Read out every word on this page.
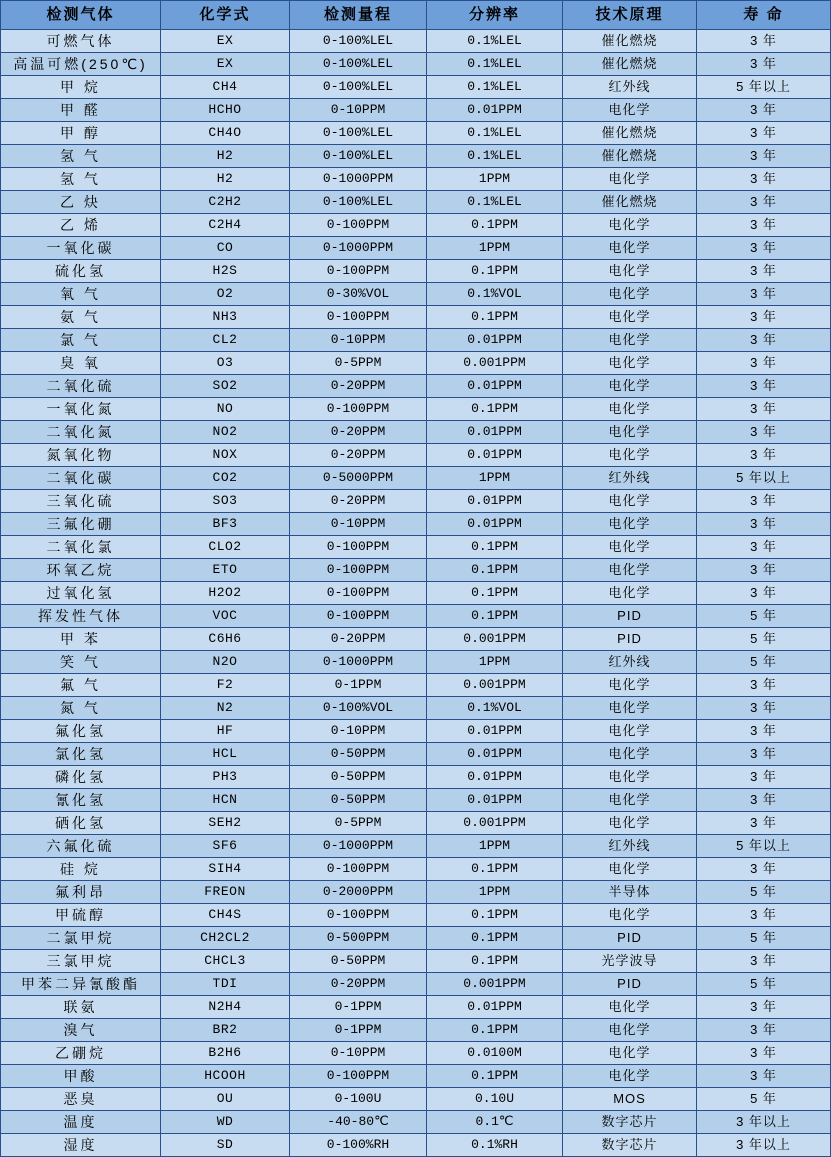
检测气体	化学式	检测量程	分辨率	技术原理	寿 命
可燃气体	EX	0-100%LEL	0.1%LEL	催化燃烧	3 年
高温可燃(250℃)	EX	0-100%LEL	0.1%LEL	催化燃烧	3 年
甲 烷	CH4	0-100%LEL	0.1%LEL	红外线	5 年以上
甲 醛	HCHO	0-10PPM	0.01PPM	电化学	3 年
甲 醇	CH4O	0-100%LEL	0.1%LEL	催化燃烧	3 年
氢 气	H2	0-100%LEL	0.1%LEL	催化燃烧	3 年
氢 气	H2	0-1000PPM	1PPM	电化学	3 年
乙 炔	C2H2	0-100%LEL	0.1%LEL	催化燃烧	3 年
乙 烯	C2H4	0-100PPM	0.1PPM	电化学	3 年
一氧化碳	CO	0-1000PPM	1PPM	电化学	3 年
硫化氢	H2S	0-100PPM	0.1PPM	电化学	3 年
氧 气	O2	0-30%VOL	0.1%VOL	电化学	3 年
氨 气	NH3	0-100PPM	0.1PPM	电化学	3 年
氯 气	CL2	0-10PPM	0.01PPM	电化学	3 年
臭 氧	O3	0-5PPM	0.001PPM	电化学	3 年
二氧化硫	SO2	0-20PPM	0.01PPM	电化学	3 年
一氧化氮	NO	0-100PPM	0.1PPM	电化学	3 年
二氧化氮	NO2	0-20PPM	0.01PPM	电化学	3 年
氮氧化物	NOX	0-20PPM	0.01PPM	电化学	3 年
二氧化碳	CO2	0-5000PPM	1PPM	红外线	5 年以上
三氧化硫	SO3	0-20PPM	0.01PPM	电化学	3 年
三氟化硼	BF3	0-10PPM	0.01PPM	电化学	3 年
二氧化氯	CLO2	0-100PPM	0.1PPM	电化学	3 年
环氧乙烷	ETO	0-100PPM	0.1PPM	电化学	3 年
过氧化氢	H2O2	0-100PPM	0.1PPM	电化学	3 年
挥发性气体	VOC	0-100PPM	0.1PPM	PID	5 年
甲 苯	C6H6	0-20PPM	0.001PPM	PID	5 年
笑 气	N2O	0-1000PPM	1PPM	红外线	5 年
氟 气	F2	0-1PPM	0.001PPM	电化学	3 年
氮 气	N2	0-100%VOL	0.1%VOL	电化学	3 年
氟化氢	HF	0-10PPM	0.01PPM	电化学	3 年
氯化氢	HCL	0-50PPM	0.01PPM	电化学	3 年
磷化氢	PH3	0-50PPM	0.01PPM	电化学	3 年
氰化氢	HCN	0-50PPM	0.01PPM	电化学	3 年
硒化氢	SEH2	0-5PPM	0.001PPM	电化学	3 年
六氟化硫	SF6	0-1000PPM	1PPM	红外线	5 年以上
硅 烷	SIH4	0-100PPM	0.1PPM	电化学	3 年
氟利昂	FREON	0-2000PPM	1PPM	半导体	5 年
甲硫醇	CH4S	0-100PPM	0.1PPM	电化学	3 年
二氯甲烷	CH2CL2	0-500PPM	0.1PPM	PID	5 年
三氯甲烷	CHCL3	0-50PPM	0.1PPM	光学波导	3 年
甲苯二异氰酸酯	TDI	0-20PPM	0.001PPM	PID	5 年
联氨	N2H4	0-1PPM	0.01PPM	电化学	3 年
溴气	BR2	0-1PPM	0.1PPM	电化学	3 年
乙硼烷	B2H6	0-10PPM	0.0100M	电化学	3 年
甲酸	HCOOH	0-100PPM	0.1PPM	电化学	3 年
恶臭	OU	0-100U	0.10U	MOS	5 年
温度	WD	-40-80℃	0.1℃	数字芯片	3 年以上
湿度	SD	0-100%RH	0.1%RH	数字芯片	3 年以上
